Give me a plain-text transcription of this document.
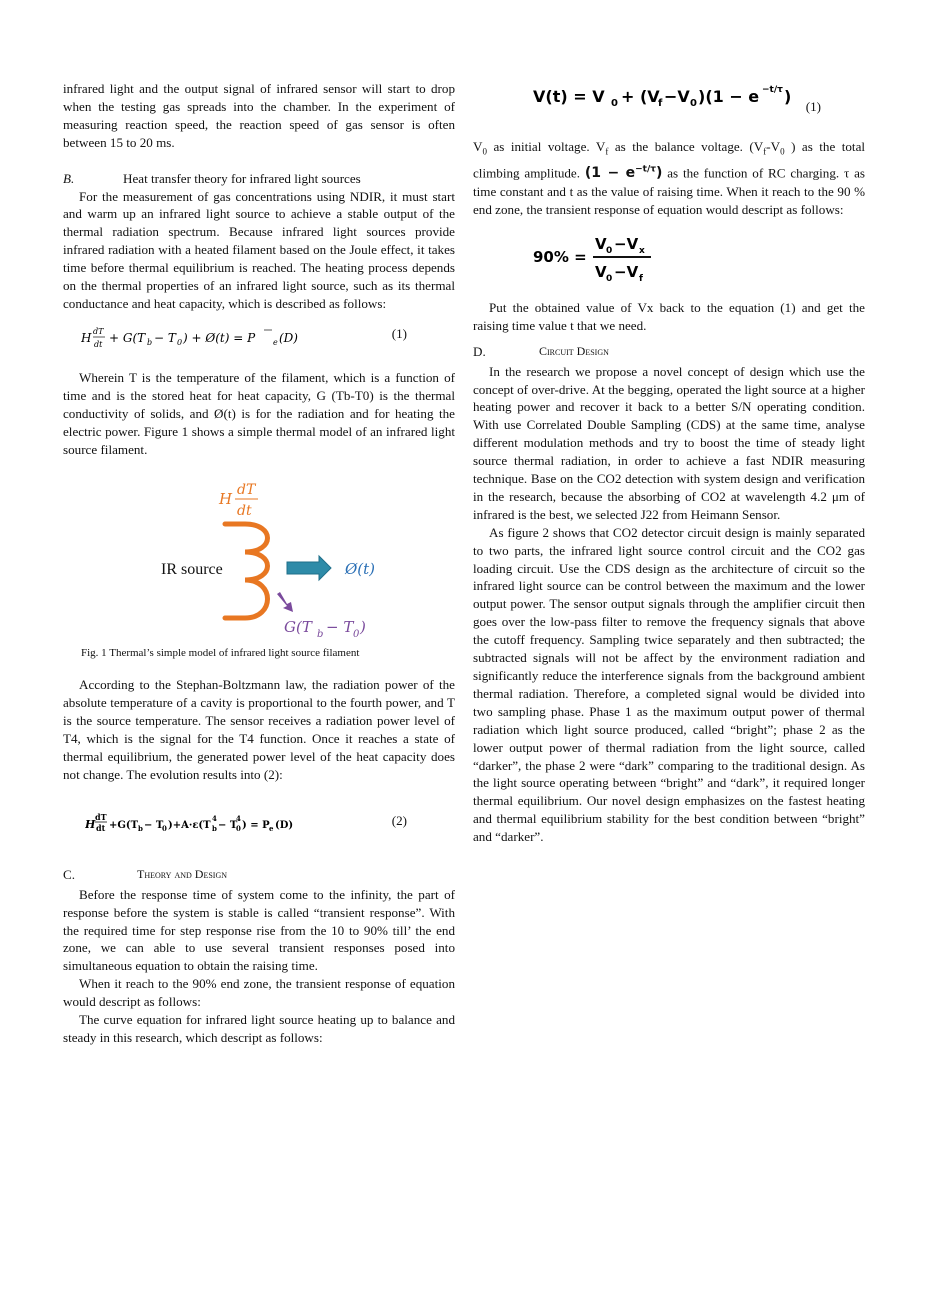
infrared light and the output signal of infrared sensor will start to drop when the testing gas spreads into the chamber. In the experiment of measuring reaction speed, the reaction speed of gas sensor is often between 15 to 20 ms.

B.	Heat transfer theory for infrared light sources

For the measurement of gas concentrations using NDIR, it must start and warm up an infrared light source to achieve a stable output of the thermal radiation spectrum. Because infrared light sources provide infrared radiation with a heated filament based on the Joule effect, it takes time before thermal equilibrium is reached. The heating process depends on the thermal properties of an infrared light source, such as its thermal conductance and heat capacity, which is described as follows:

H dT
dt + G(T b − T 0 ) + Ø(t) = P e (D)	(1)

Wherein T is the temperature of the filament, which is a function of time and is the stored heat for heat capacity, G (Tb-T0) is the thermal conductivity of solids, and Ø(t) is for the radiation and for heating the electric power. Figure 1 shows a simple thermal model of an infrared light source filament.

H dT
dt
IR source	Ø(t)
G(T b − T 0 )
Fig. 1 Thermal’s simple model of infrared light source filament

According to the Stephan-Boltzmann law, the radiation power of the absolute temperature of a cavity is proportional to the fourth power, and T is the source temperature. The sensor receives a radiation power level of T4, which is the signal for the T4 function. Once it reaches a state of thermal equilibrium, the generated power level of the heat capacity does not change. The evolution results into (2):

H
dT
dt +G(T b − T
0 )+A·ε(T b
4
− T
0
4
) = P e (D)	(2)
C.	Theory and Design

Before the response time of system come to the infinity, the part of response before the system is stable is called “transient response”. With the required time for step response rise from the 10 to 90% till’ the end zone, we can able to use several transient responses posed into simultaneous equation to obtain the raising time.

When it reach to the 90% end zone, the transient response of equation would descript as follows:

The curve equation for infrared light source heating up to balance and steady in this research, which descript as follows:

V(t) = V 0 + (V
f −V 0 )(1 − e −t/τ )
(1)

$V_0$ as initial voltage. $V_f$ as the balance voltage. ($V_f-V_0$ ) as the total climbing amplitude. $(1 - e^{-t/\tau})$ as the function of RC charging. τ as time constant and t as the value of raising time. When it reach to the 90 % end zone, the transient response of equation would descript as follows:

90% =
V 0 −V x
V 0 −V f

Put the obtained value of Vx back to the equation (1) and get the raising time value t that we need.

D.	Circuit Design

In the research we propose a novel concept of design which use the concept of over-drive. At the begging, operated the light source at a higher heating power and recover it back to a better S/N operating condition. With use Correlated Double Sampling (CDS) at the same time, analyse different modulation methods and try to boost the time of steady light source thermal radiation, in order to achieve a fast NDIR measuring technique. Base on the CO2 detection with system design and verification in the research, because the absorbing of CO2 at wavelength 4.2 μm of infrared is the best, we selected J22 from Heimann Sensor.

As figure 2 shows that CO2 detector circuit design is mainly separated to two parts, the infrared light source control circuit and the CO2 gas loading circuit. Use the CDS design as the architecture of circuit so the infrared light source can be control between the maximum and the lower output power. The sensor output signals through the amplifier circuit then goes over the low-pass filter to remove the frequency signals that above the cutoff frequency. Sampling twice separately and then subtracted; the subtracted signals will not be affect by the environment radiation and significantly reduce the interference signals from the background ambient thermal radiation. Therefore, a completed signal would be divided into two sampling phase. Phase 1 as the maximum output power of thermal radiation which light source produced, called “bright”; phase 2 as the lower output power of thermal radiation from the light source, called “darker”, the phase 2 were “dark” comparing to the traditional design. As the light source operating between “bright” and “dark”, it required longer thermal equilibrium. Our novel design emphasizes on the fastest heating and thermal equilibrium stability for the best condition between “bright” and “darker”.
